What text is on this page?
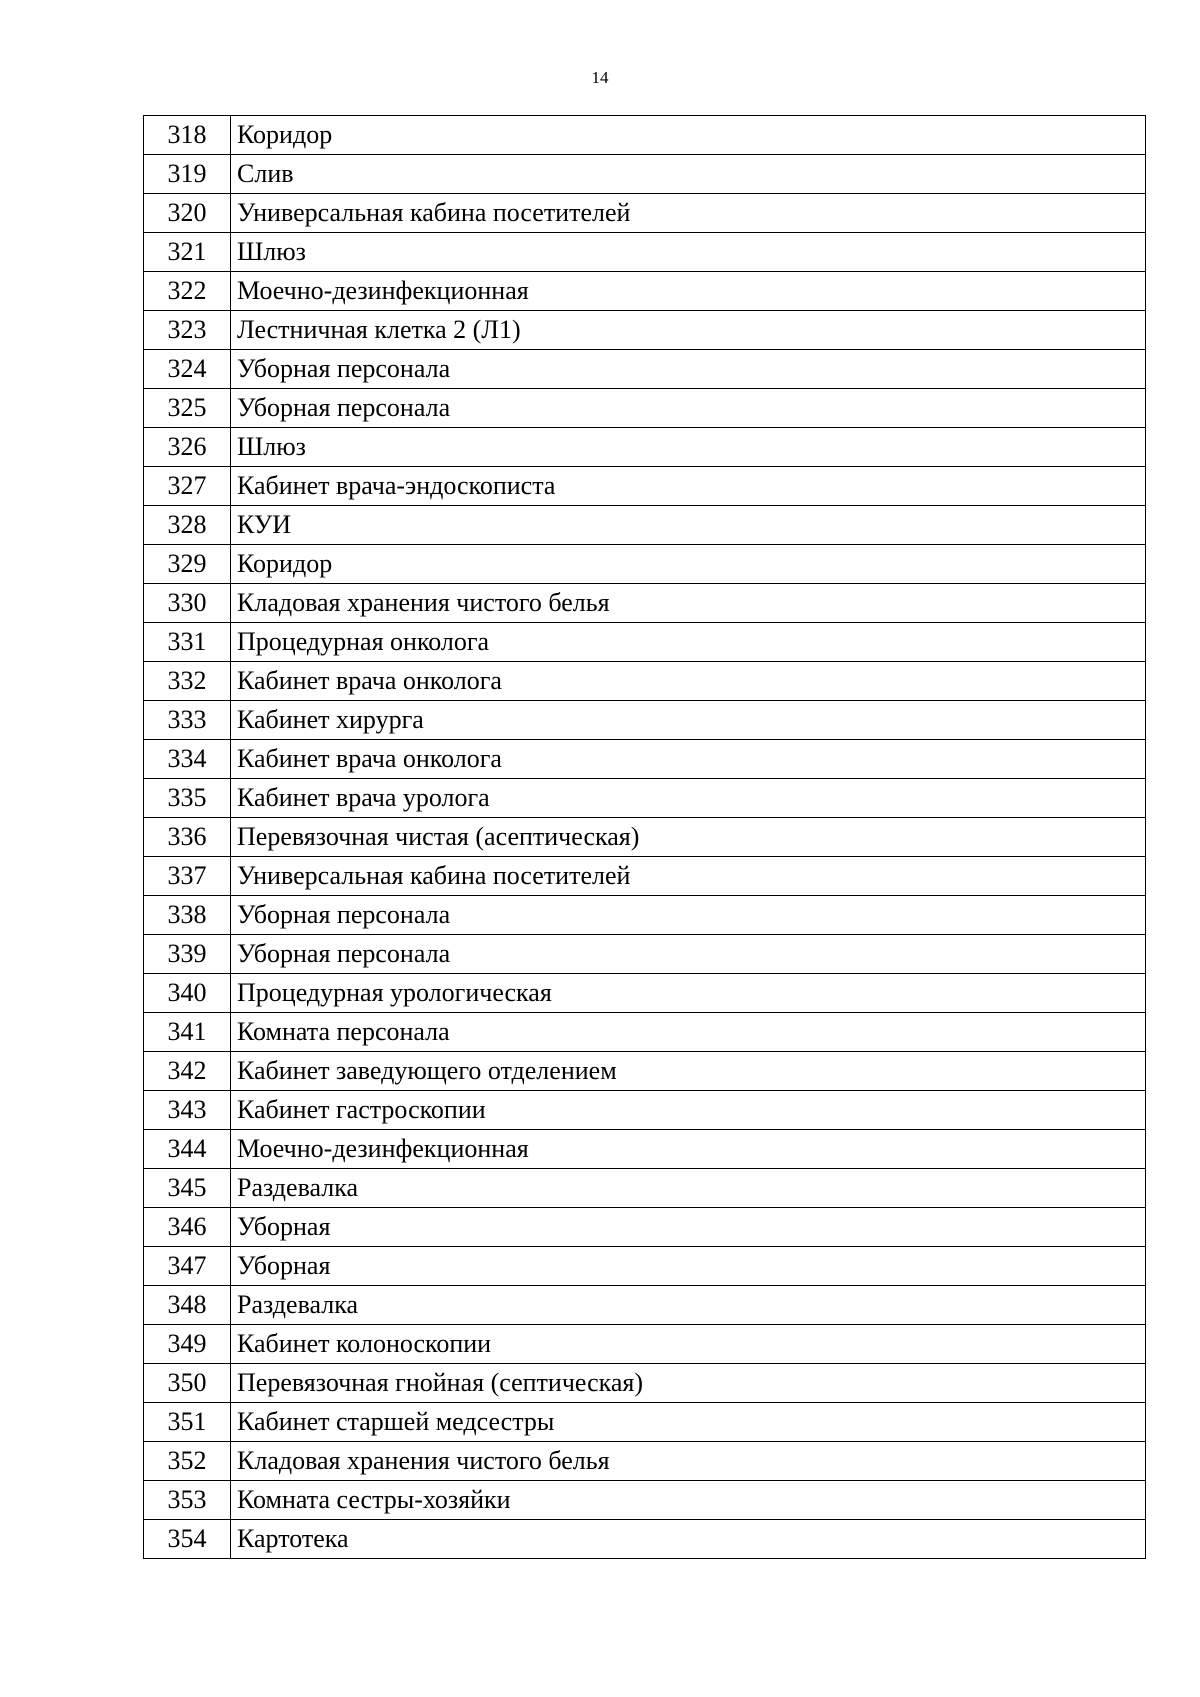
14
318	Коридор
319	Слив
320	Универсальная кабина посетителей
321	Шлюз
322	Моечно-дезинфекционная
323	Лестничная клетка 2 (Л1)
324	Уборная персонала
325	Уборная персонала
326	Шлюз
327	Кабинет врача-эндоскописта
328	КУИ
329	Коридор
330	Кладовая хранения чистого белья
331	Процедурная онколога
332	Кабинет врача онколога
333	Кабинет хирурга
334	Кабинет врача онколога
335	Кабинет врача уролога
336	Перевязочная чистая (асептическая)
337	Универсальная кабина посетителей
338	Уборная персонала
339	Уборная персонала
340	Процедурная урологическая
341	Комната персонала
342	Кабинет заведующего отделением
343	Кабинет гастроскопии
344	Моечно-дезинфекционная
345	Раздевалка
346	Уборная
347	Уборная
348	Раздевалка
349	Кабинет колоноскопии
350	Перевязочная гнойная (септическая)
351	Кабинет старшей медсестры
352	Кладовая хранения чистого белья
353	Комната сестры-хозяйки
354	Картотека
